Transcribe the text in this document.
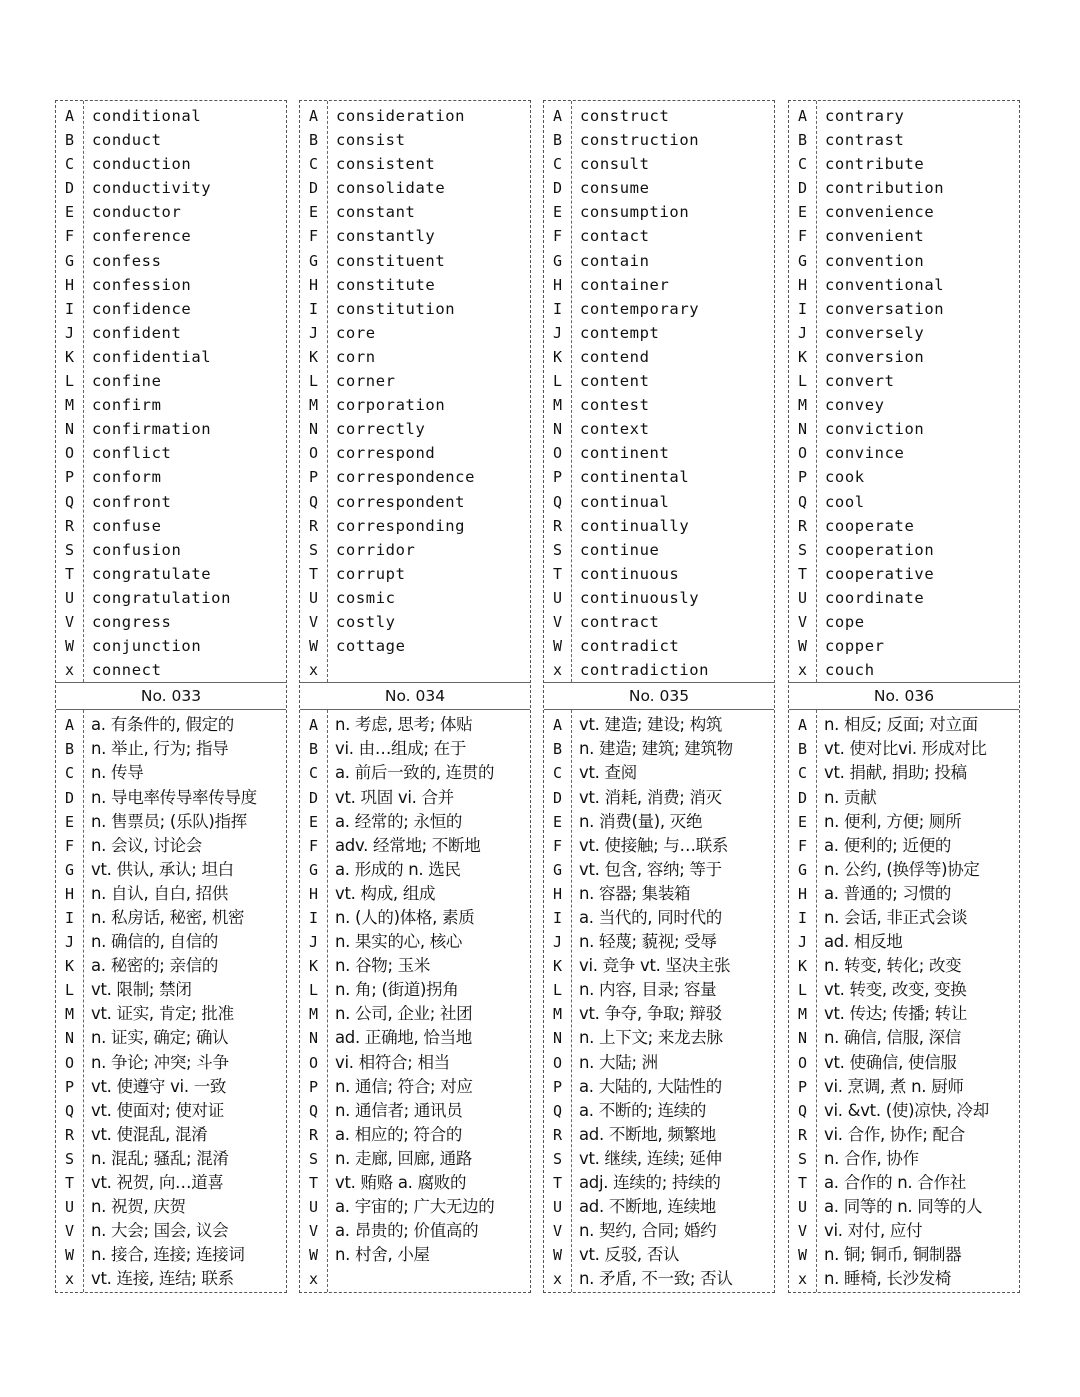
A
B
C
D
E
F
G
H
I
J
K
L
M
N
O
P
Q
R
S
T
U
V
W
x
conditional
conduct
conduction
conductivity
conductor
conference
confess
confession
confidence
confident
confidential
confine
confirm
confirmation
conflict
conform
confront
confuse
confusion
congratulate
congratulation
congress
conjunction
connect
No. 033
A
B
C
D
E
F
G
H
I
J
K
L
M
N
O
P
Q
R
S
T
U
V
W
x
a. 有条件的, 假定的
n. 举止, 行为; 指导
n. 传导
n. 导电率传导率传导度
n. 售票员; (乐队)指挥
n. 会议, 讨论会
vt. 供认, 承认; 坦白
n. 自认, 自白, 招供
n. 私房话, 秘密, 机密
n. 确信的, 自信的
a. 秘密的; 亲信的
vt. 限制; 禁闭
vt. 证实, 肯定; 批准
n. 证实, 确定; 确认
n. 争论; 冲突; 斗争
vt. 使遵守 vi. 一致
vt. 使面对; 使对证
vt. 使混乱, 混淆
n. 混乱; 骚乱; 混淆
vt. 祝贺, 向…道喜
n. 祝贺, 庆贺
n. 大会; 国会, 议会
n. 接合, 连接; 连接词
vt. 连接, 连结; 联系
A
B
C
D
E
F
G
H
I
J
K
L
M
N
O
P
Q
R
S
T
U
V
W
x
consideration
consist
consistent
consolidate
constant
constantly
constituent
constitute
constitution
core
corn
corner
corporation
correctly
correspond
correspondence
correspondent
corresponding
corridor
corrupt
cosmic
costly
cottage
No. 034
A
B
C
D
E
F
G
H
I
J
K
L
M
N
O
P
Q
R
S
T
U
V
W
x
n. 考虑, 思考; 体贴
vi. 由…组成; 在于
a. 前后一致的, 连贯的
vt. 巩固 vi. 合并
a. 经常的; 永恒的
adv. 经常地; 不断地
a. 形成的 n. 选民
vt. 构成, 组成
n. (人的)体格, 素质
n. 果实的心, 核心
n. 谷物; 玉米
n. 角; (街道)拐角
n. 公司, 企业; 社团
ad. 正确地, 恰当地
vi. 相符合; 相当
n. 通信; 符合; 对应
n. 通信者; 通讯员
a. 相应的; 符合的
n. 走廊, 回廊, 通路
vt. 贿赂 a. 腐败的
a. 宇宙的; 广大无边的
a. 昂贵的; 价值高的
n. 村舍, 小屋
A
B
C
D
E
F
G
H
I
J
K
L
M
N
O
P
Q
R
S
T
U
V
W
x
construct
construction
consult
consume
consumption
contact
contain
container
contemporary
contempt
contend
content
contest
context
continent
continental
continual
continually
continue
continuous
continuously
contract
contradict
contradiction
No. 035
A
B
C
D
E
F
G
H
I
J
K
L
M
N
O
P
Q
R
S
T
U
V
W
x
vt. 建造; 建设; 构筑
n. 建造; 建筑; 建筑物
vt. 查阅
vt. 消耗, 消费; 消灭
n. 消费(量), 灭绝
vt. 使接触; 与…联系
vt. 包含, 容纳; 等于
n. 容器; 集装箱
a. 当代的, 同时代的
n. 轻蔑; 藐视; 受辱
vi. 竞争 vt. 坚决主张
n. 内容, 目录; 容量
vt. 争夺, 争取; 辩驳
n. 上下文; 来龙去脉
n. 大陆; 洲
a. 大陆的, 大陆性的
a. 不断的; 连续的
ad. 不断地, 频繁地
vt. 继续, 连续; 延伸
adj. 连续的; 持续的
ad. 不断地, 连续地
n. 契约, 合同; 婚约
vt. 反驳, 否认
n. 矛盾, 不一致; 否认
A
B
C
D
E
F
G
H
I
J
K
L
M
N
O
P
Q
R
S
T
U
V
W
x
contrary
contrast
contribute
contribution
convenience
convenient
convention
conventional
conversation
conversely
conversion
convert
convey
conviction
convince
cook
cool
cooperate
cooperation
cooperative
coordinate
cope
copper
couch
No. 036
A
B
C
D
E
F
G
H
I
J
K
L
M
N
O
P
Q
R
S
T
U
V
W
x
n. 相反; 反面; 对立面
vt. 使对比vi. 形成对比
vt. 捐献, 捐助; 投稿
n. 贡献
n. 便利, 方便; 厕所
a. 便利的; 近便的
n. 公约, (换俘等)协定
a. 普通的; 习惯的
n. 会话, 非正式会谈
ad. 相反地
n. 转变, 转化; 改变
vt. 转变, 改变, 变换
vt. 传达; 传播; 转让
n. 确信, 信服, 深信
vt. 使确信, 使信服
vi. 烹调, 煮 n. 厨师
vi. &vt. (使)凉快, 冷却
vi. 合作, 协作; 配合
n. 合作, 协作
a. 合作的 n. 合作社
a. 同等的 n. 同等的人
vi. 对付, 应付
n. 铜; 铜币, 铜制器
n. 睡椅, 长沙发椅
